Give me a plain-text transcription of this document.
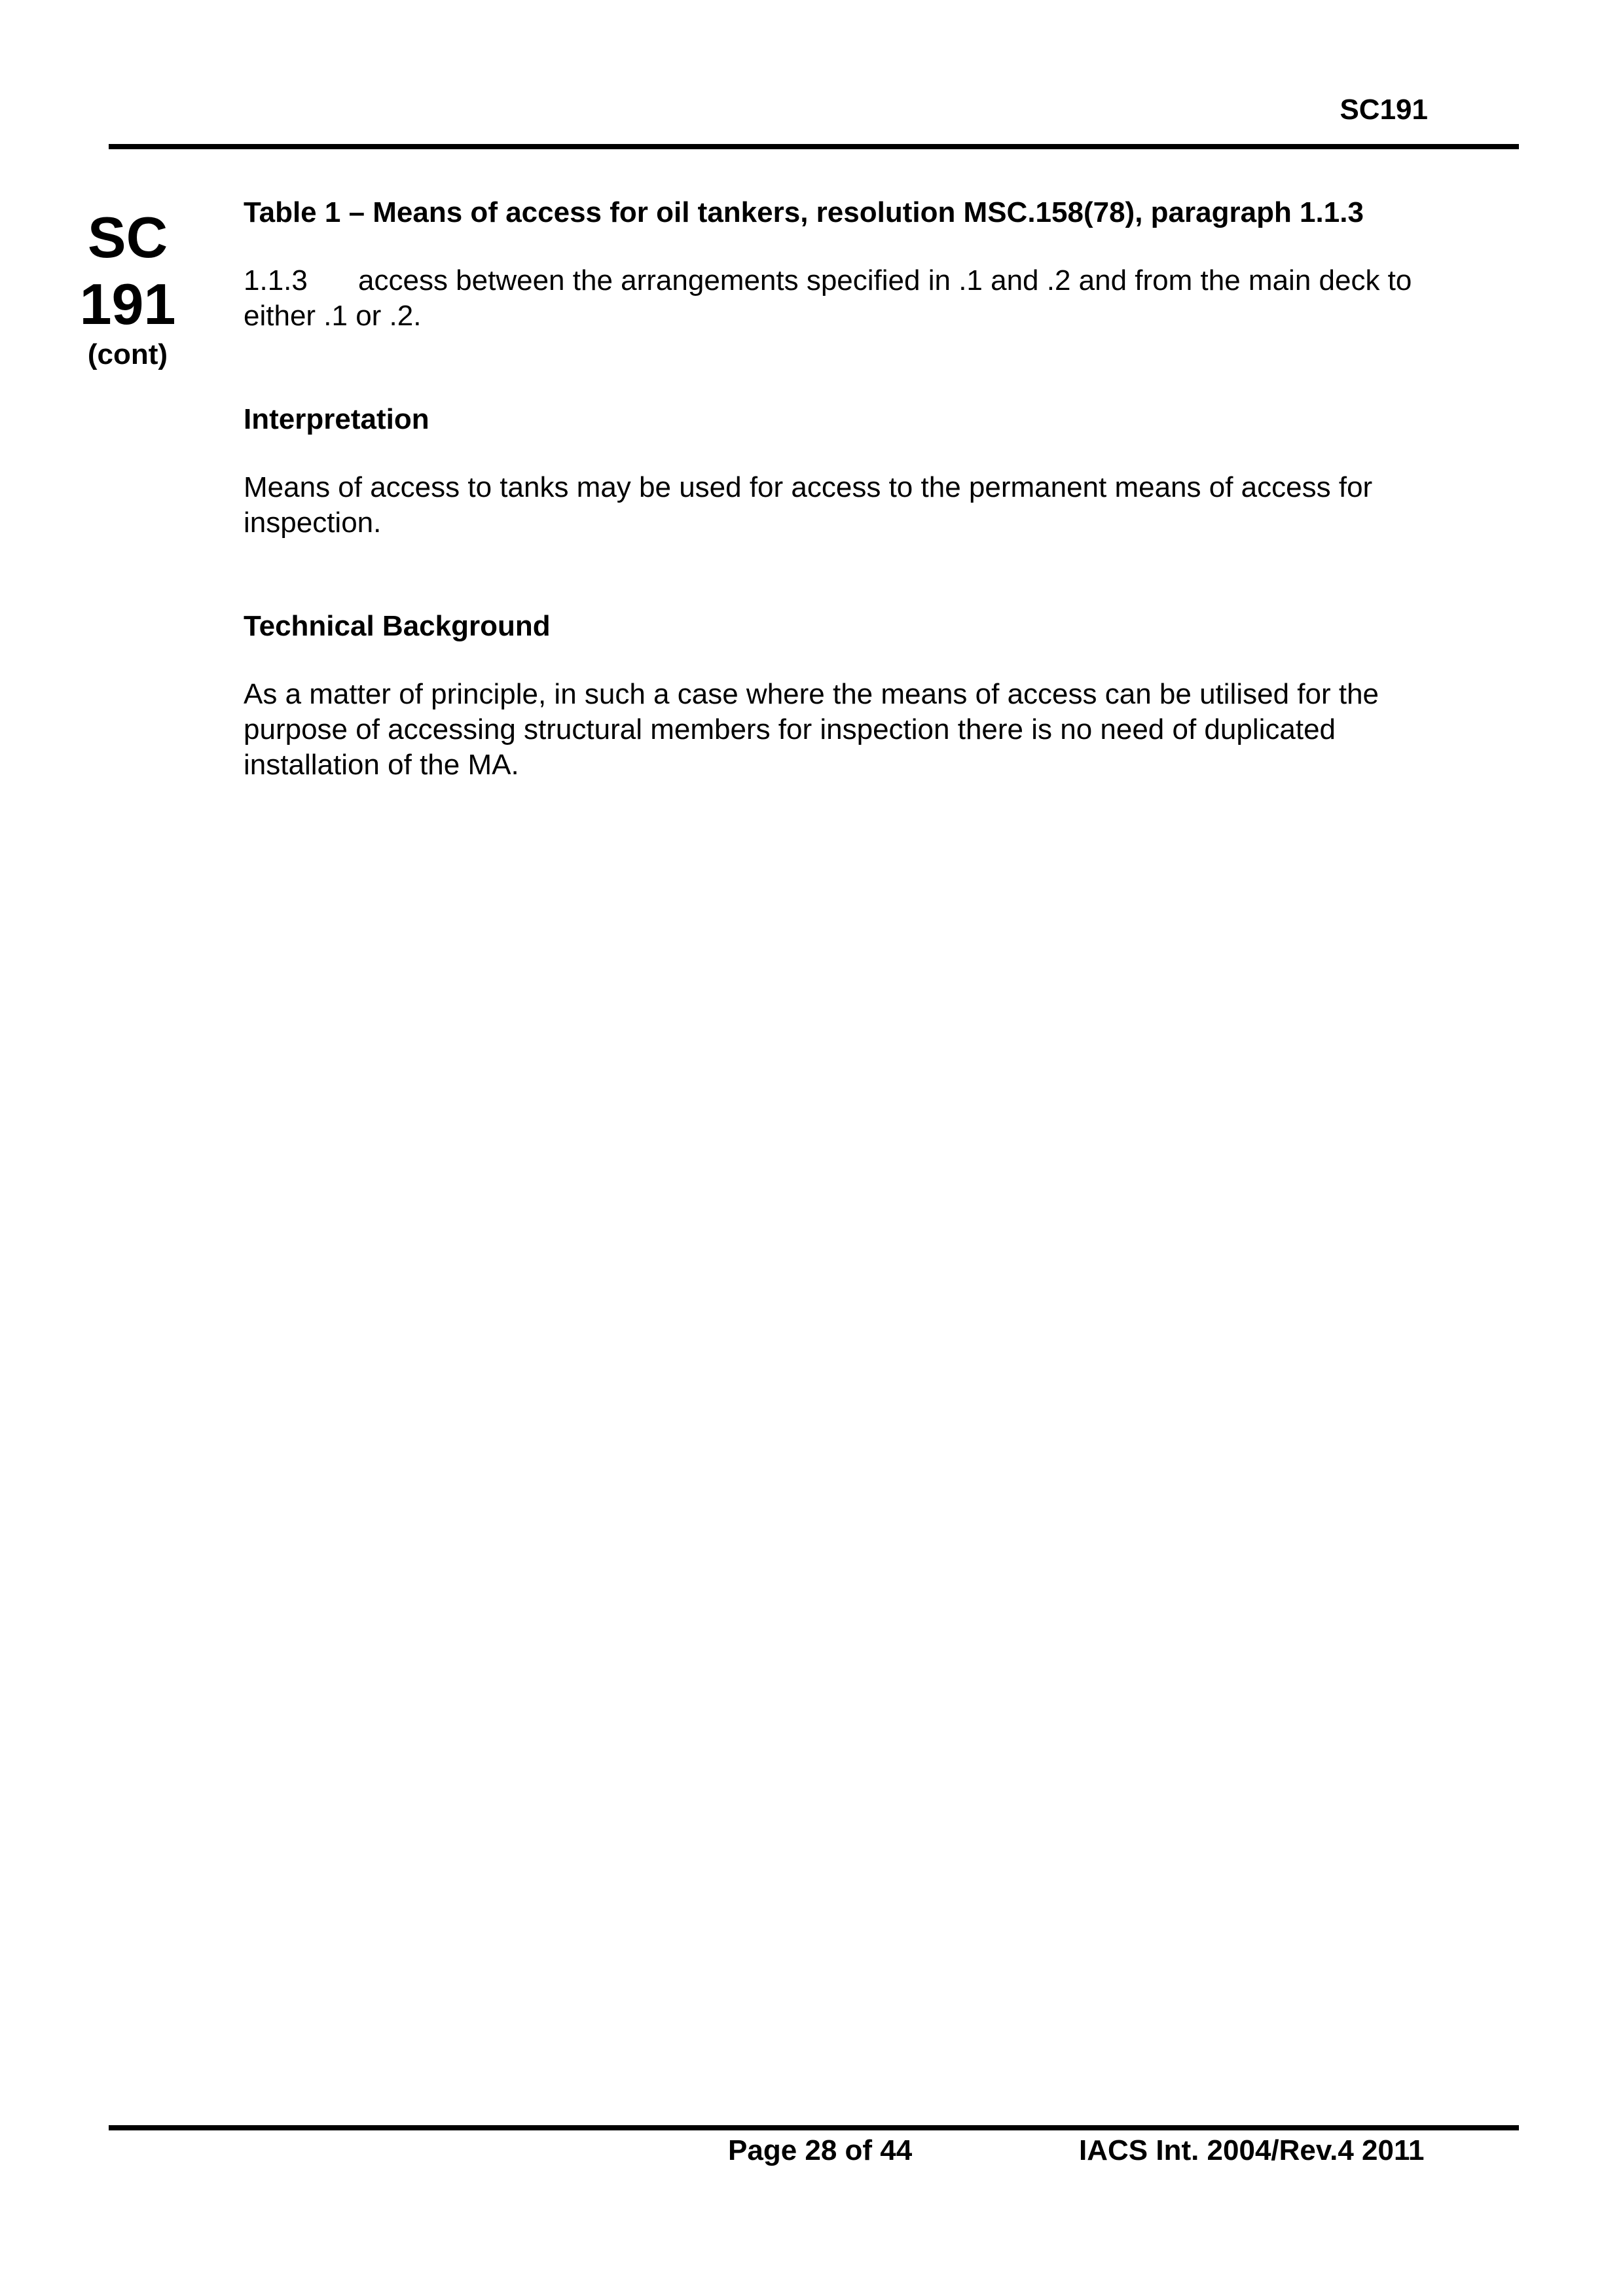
SC191
SC
191
(cont)

Table 1 – Means of access for oil tankers, resolution MSC.158(78), paragraph 1.1.3

1.1.3 access between the arrangements specified in .1 and .2 and from the main deck to
either .1 or .2.

Interpretation

Means of access to tanks may be used for access to the permanent means of access for inspection.

Technical Background

As a matter of principle, in such a case where the means of access can be utilised for the purpose of accessing structural members for inspection there is no need of duplicated installation of the MA.

Page 28 of 44	IACS Int. 2004/Rev.4 2011
